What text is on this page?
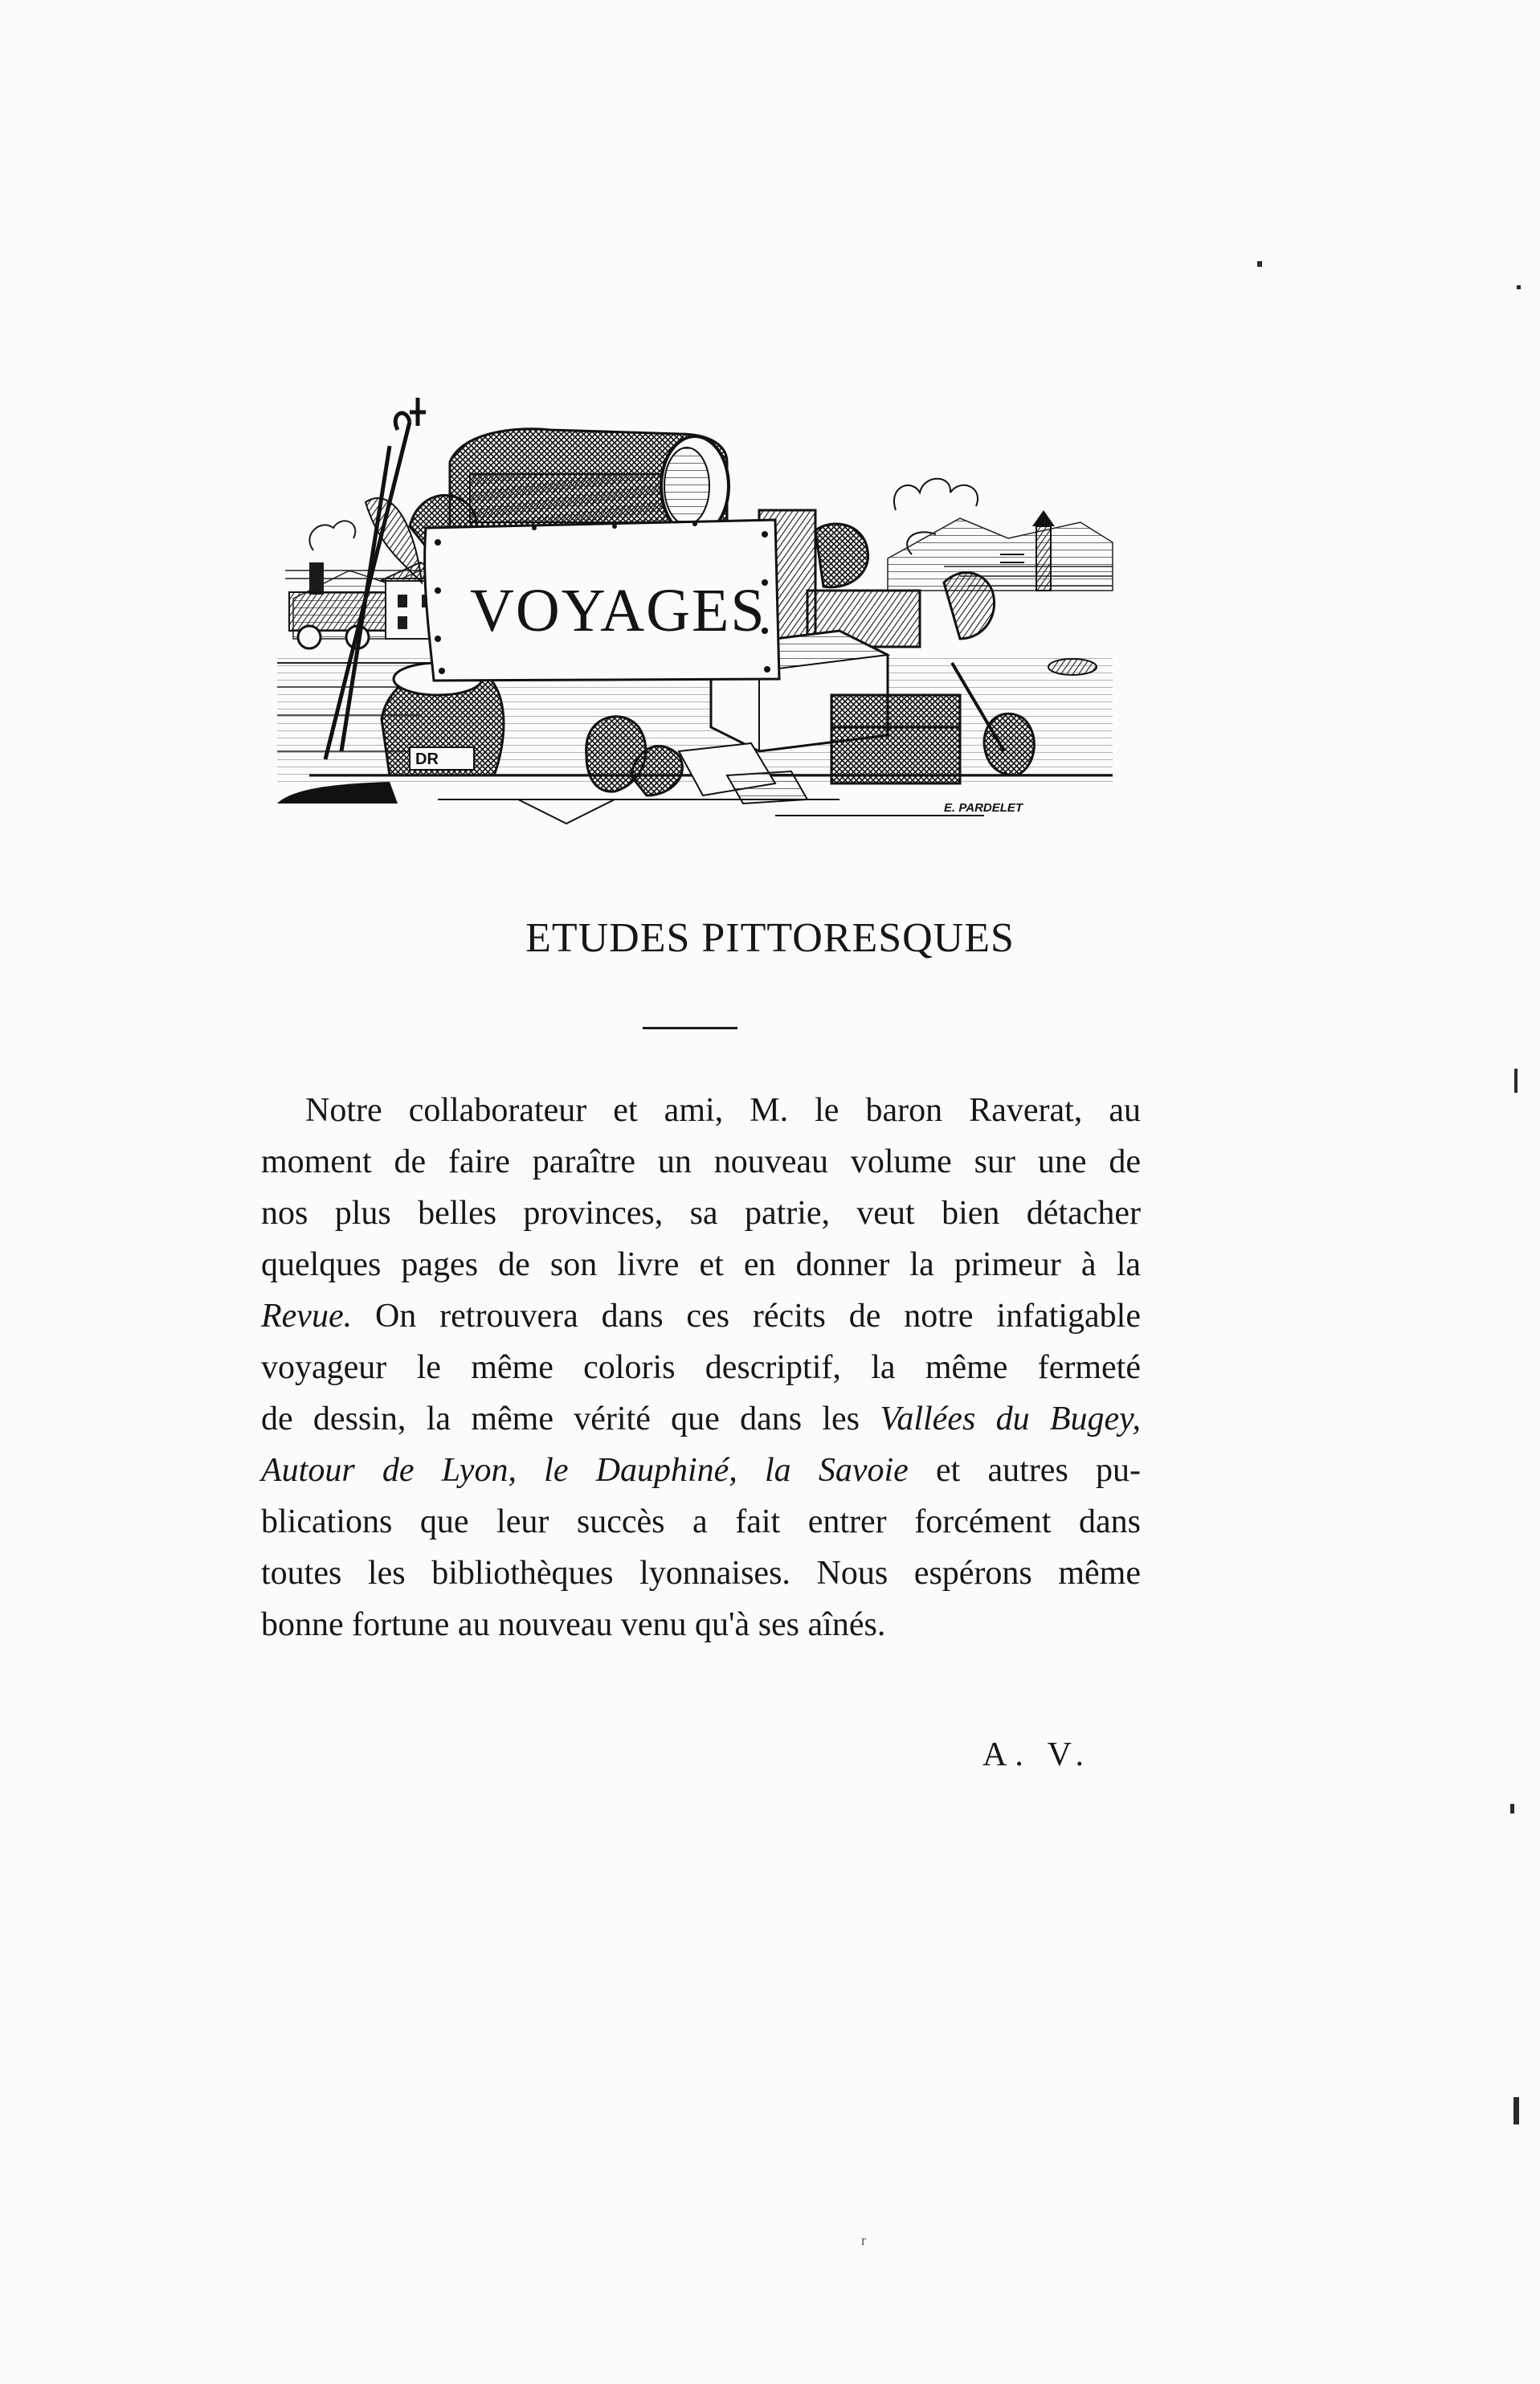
DR
VOYAGES
E. PARDELET
ETUDES PITTORESQUES
Notre collaborateur et ami, M. le baron Raverat, au
moment de faire paraître un nouveau volume sur une de
nos plus belles provinces, sa patrie, veut bien détacher
quelques pages de son livre et en donner la primeur à la
Revue. On retrouvera dans ces récits de notre infatigable
voyageur le même coloris descriptif, la même fermeté
de dessin, la même vérité que dans les Vallées du Bugey,
Autour de Lyon, le Dauphiné, la Savoie et autres pu-
blications que leur succès a fait entrer forcément dans
toutes les bibliothèques lyonnaises. Nous espérons même
bonne fortune au nouveau venu qu'à ses aînés.
A. V.
r
